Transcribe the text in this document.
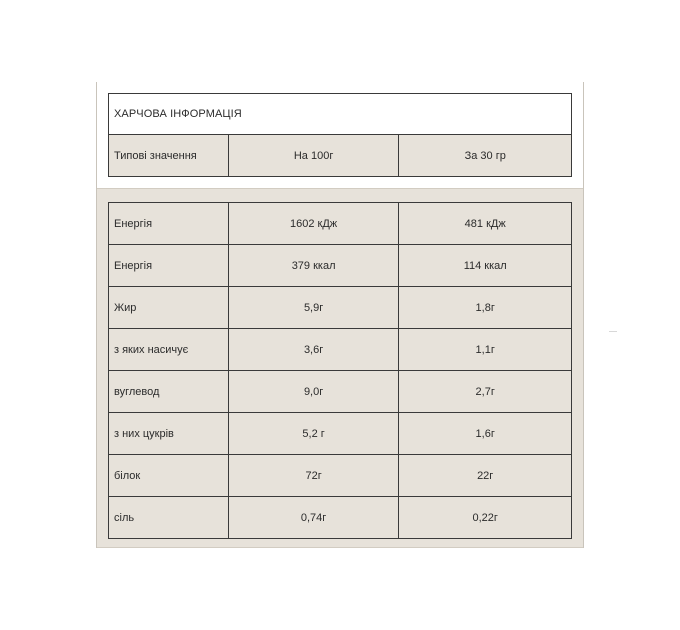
ХАРЧОВА ІНФОРМАЦІЯ
Типові значення	На 100г	За 30 гр
Енергія	1602 кДж	481 кДж
Енергія	379 ккал	114 ккал
Жир	5,9г	1,8г
з яких насичує	3,6г	1,1г
вуглевод	9,0г	2,7г
з них цукрів	5,2 г	1,6г
білок	72г	22г
сіль	0,74г	0,22г
